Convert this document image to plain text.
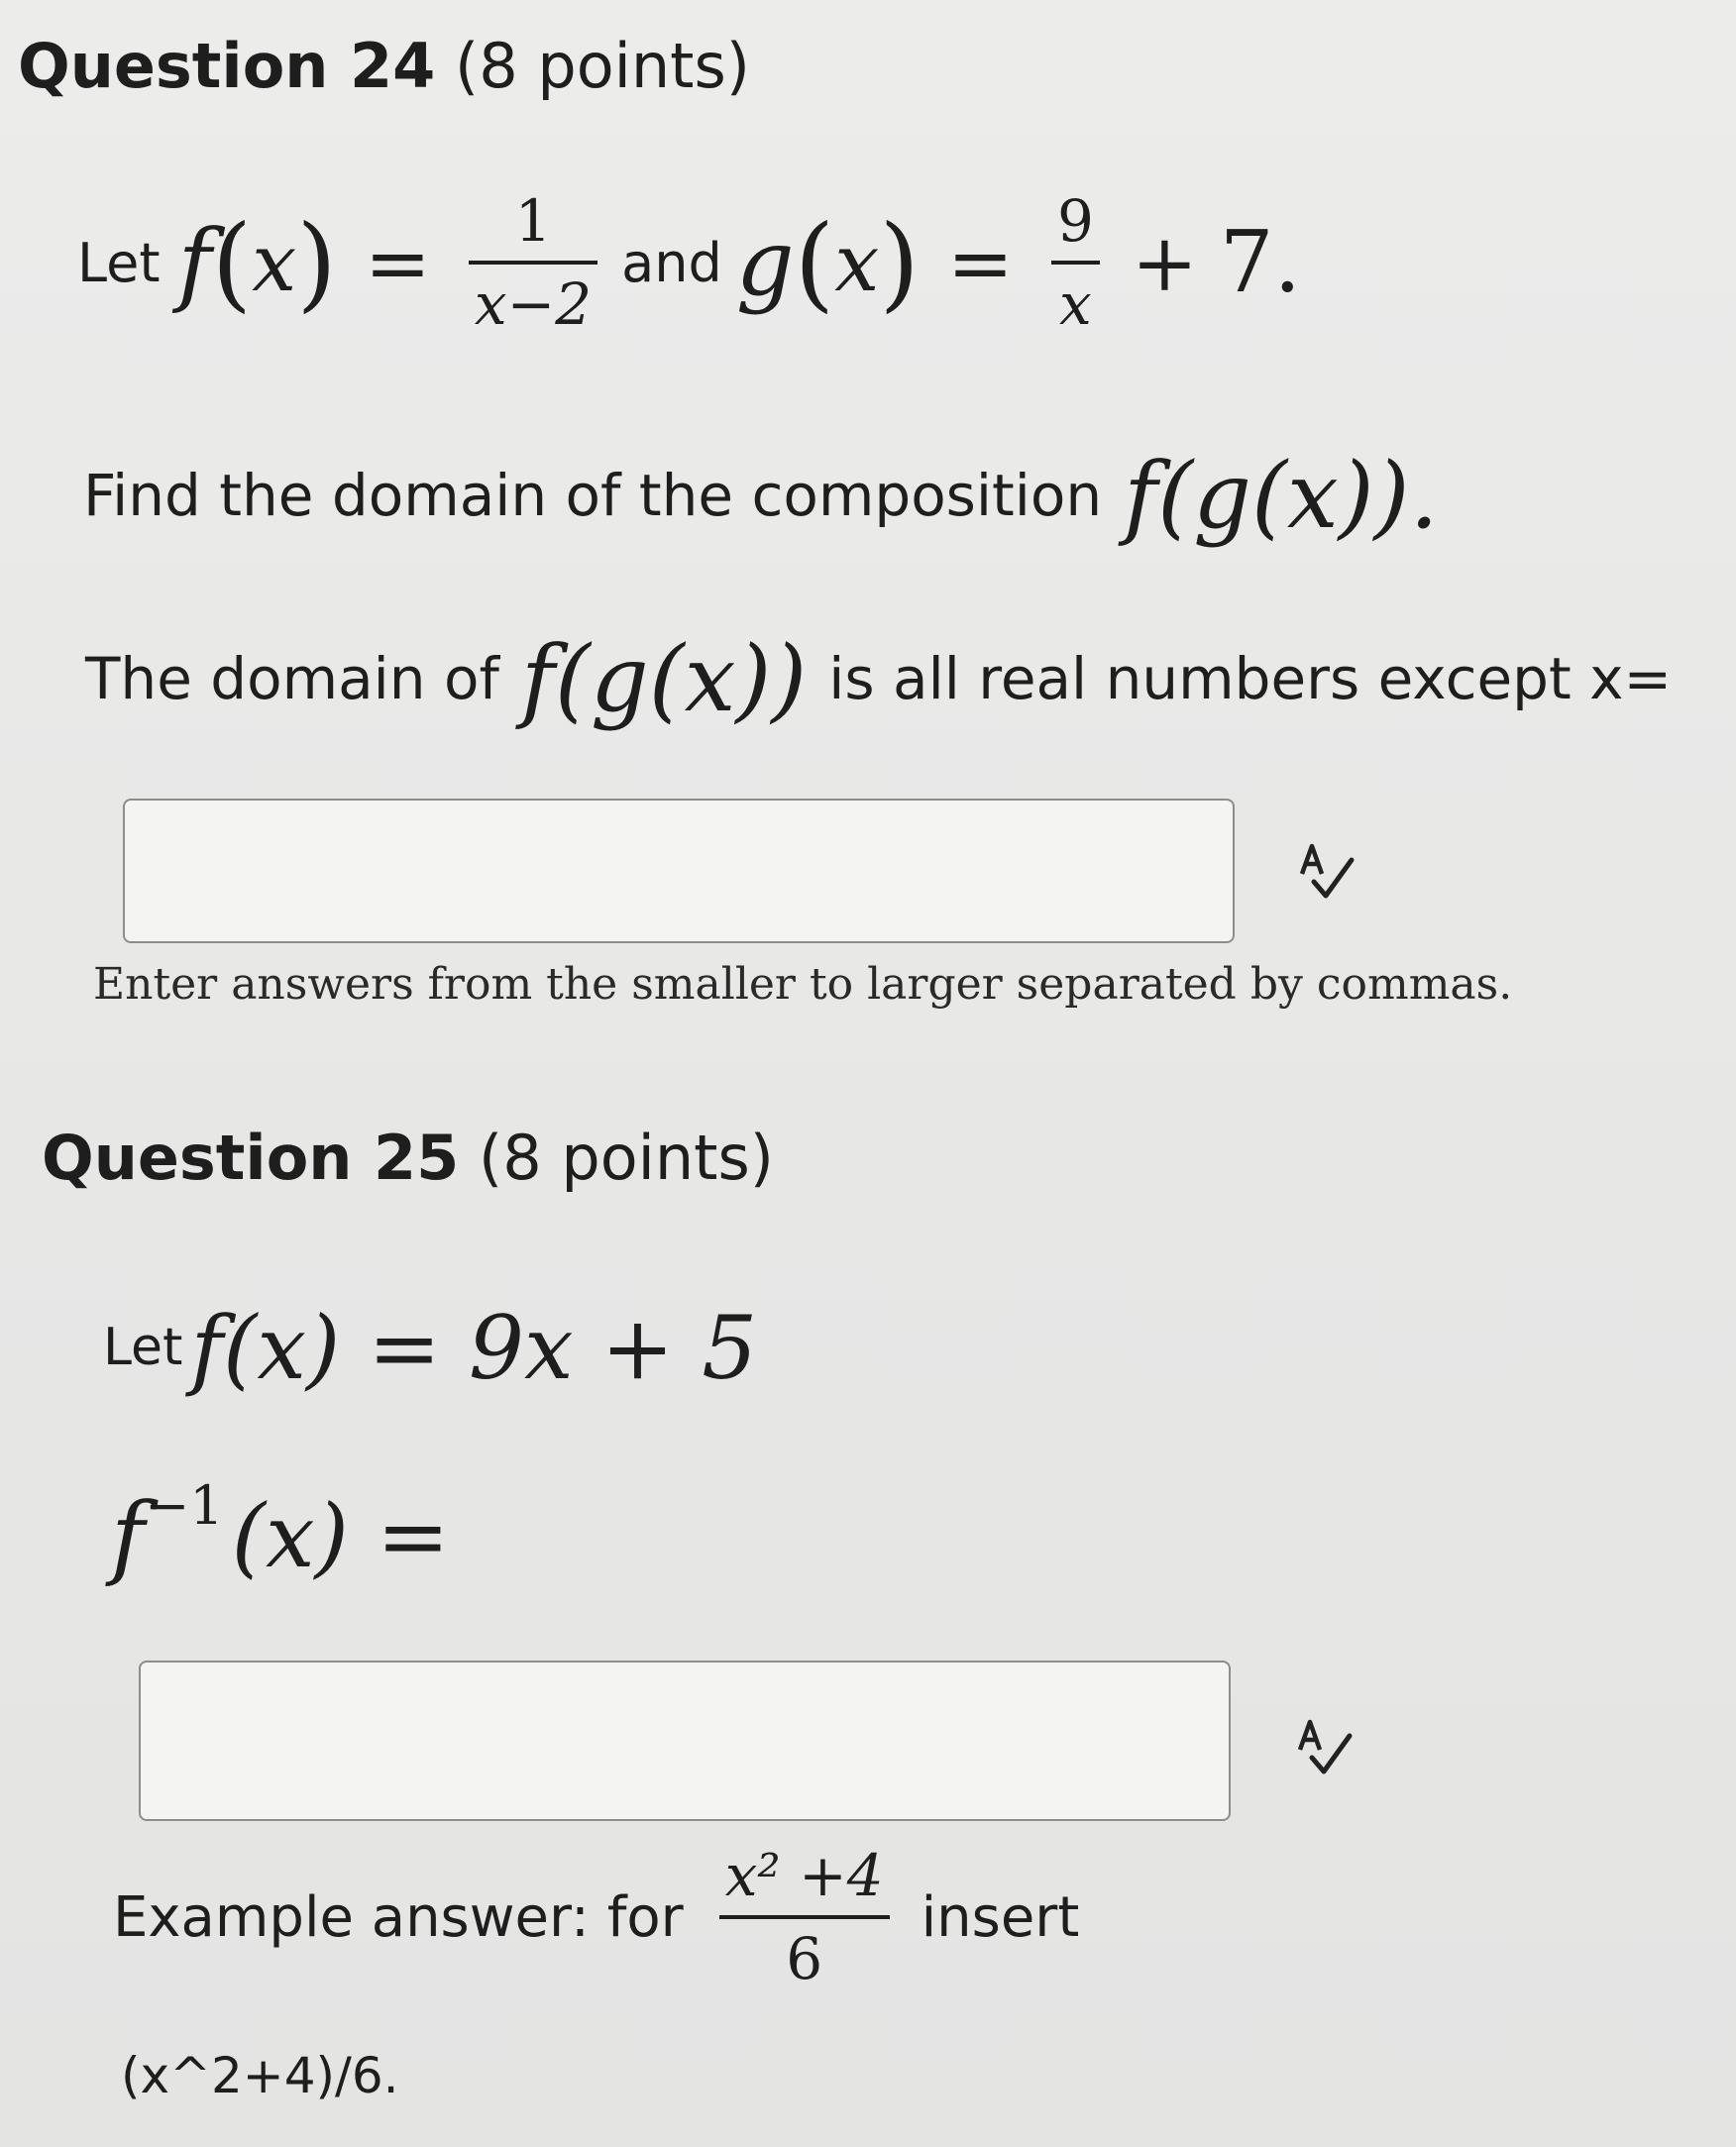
Question 24 (8 points)
Let f ( x ) = $\frac{1}{x-2}$ and g ( x ) = $\frac{9}{x} + 7$.
Find the domain of the composition f(g(x)).
The domain of f(g(x)) is all real numbers except x=
Enter answers from the smaller to larger separated by commas.
Question 25 (8 points)
Let f(x) = 9x + 5
f −1 (x) =
Example answer: for $\frac{\text{x² +4}}{6}$ insert
(x^2+4)/6.
